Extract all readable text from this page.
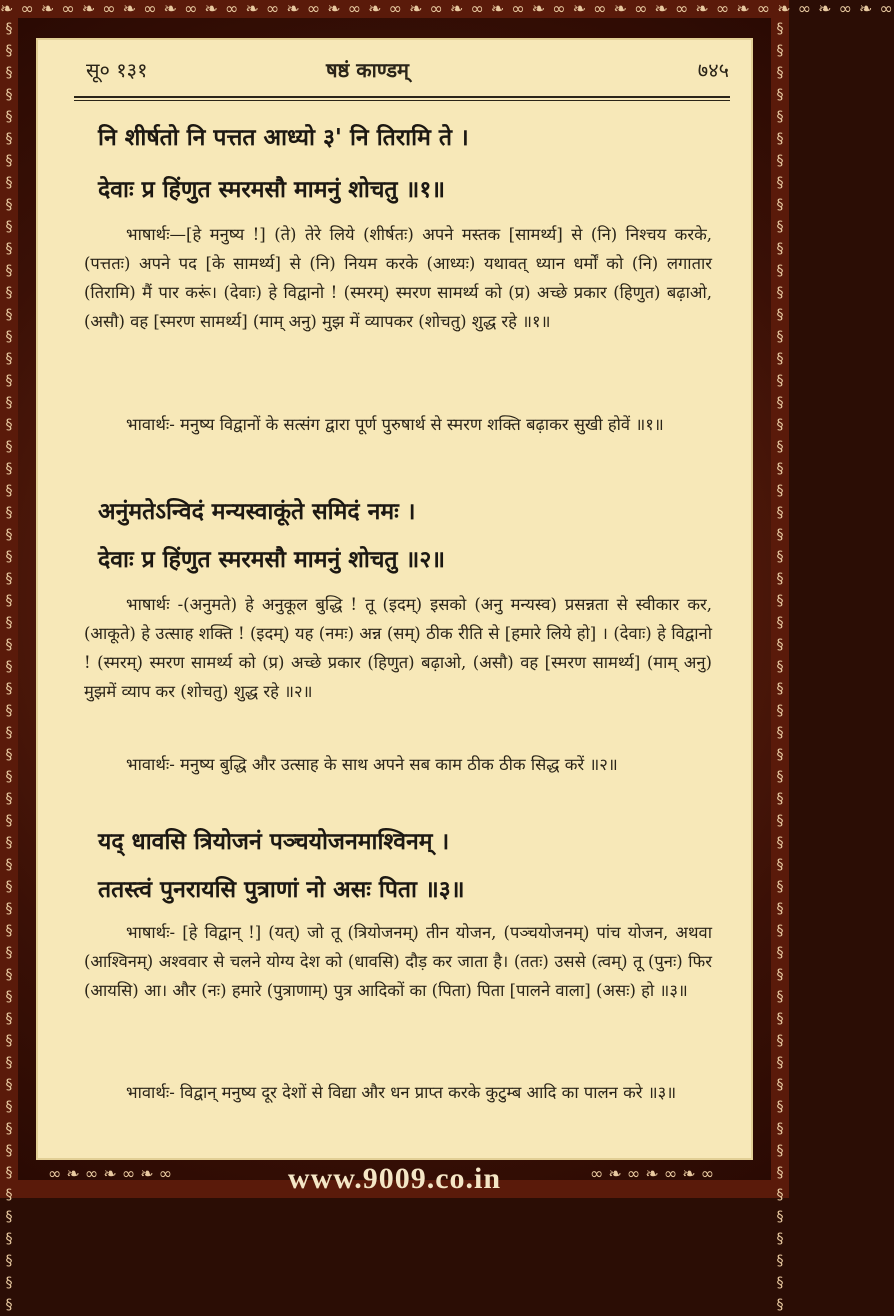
❧ ∞ ❧ ∞ ❧ ∞ ❧ ∞ ❧ ∞ ❧ ∞ ❧ ∞ ❧ ∞ ❧ ∞ ❧ ∞ ❧ ∞ ❧ ∞ ❧ ∞ ❧ ∞ ❧ ∞ ❧ ∞ ❧ ∞ ❧ ∞ ❧ ∞ ❧ ∞ ❧ ∞ ❧ ∞
§ § § § § § § § § § § § § § § § § § § § § § § § § § § § § § § § § § § § § § § § § § § § § § § § § § § § § § § § § § §
§ § § § § § § § § § § § § § § § § § § § § § § § § § § § § § § § § § § § § § § § § § § § § § § § § § § § § § § § § § §
सू० १३१	षष्ठं काण्डम्	७४५
नि शीर्षतो नि पत्तत आध्यो ३' नि तिरामि ते ।
देवाः प्र हिंणुत स्मरमसौ मामनुं शोचतु ॥१॥
भाषार्थः—[हे मनुष्य !] (ते) तेरे लिये (शीर्षतः) अपने मस्तक [सामर्थ्य] से (नि) निश्चय करके, (पत्ततः) अपने पद [के सामर्थ्य] से (नि) नियम करके (आध्यः) यथावत् ध्यान धर्मों को (नि) लगातार (तिरामि) मैं पार करूं। (देवाः) हे विद्वानो ! (स्मरम्) स्मरण सामर्थ्य को (प्र) अच्छे प्रकार (हिणुत) बढ़ाओ, (असौ) वह [स्मरण सामर्थ्य] (माम् अनु) मुझ में व्यापकर (शोचतु) शुद्ध रहे ॥१॥
भावार्थः- मनुष्य विद्वानों के सत्संग द्वारा पूर्ण पुरुषार्थ से स्मरण शक्ति बढ़ाकर सुखी होवें ॥१॥
अनुंमतेऽन्विदं मन्यस्वाकूंते समिदं नमः ।
देवाः प्र हिंणुत स्मरमसौ मामनुं शोचतु ॥२॥
भाषार्थः -(अनुमते) हे अनुकूल बुद्धि ! तू (इदम्) इसको (अनु मन्यस्व) प्रसन्नता से स्वीकार कर, (आकूते) हे उत्साह शक्ति ! (इदम्) यह (नमः) अन्न (सम्) ठीक रीति से [हमारे लिये हो] । (देवाः) हे विद्वानो ! (स्मरम्) स्मरण सामर्थ्य को (प्र) अच्छे प्रकार (हिणुत) बढ़ाओ, (असौ) वह [स्मरण सामर्थ्य] (माम् अनु) मुझमें व्याप कर (शोचतु) शुद्ध रहे ॥२॥
भावार्थः- मनुष्य बुद्धि और उत्साह के साथ अपने सब काम ठीक ठीक सिद्ध करें ॥२॥
यद् धावसि त्रियोजनं पञ्चयोजनमाश्विनम् ।
ततस्त्वं पुनरायसि पुत्राणां नो असः पिता ॥३॥
भाषार्थः- [हे विद्वान् !] (यत्) जो तू (त्रियोजनम्) तीन योजन, (पञ्चयोजनम्) पांच योजन, अथवा (आश्विनम्) अश्ववार से चलने योग्य देश को (धावसि) दौड़ कर जाता है। (ततः) उससे (त्वम्) तू (पुनः) फिर (आयसि) आ। और (नः) हमारे (पुत्राणाम्) पुत्र आदिकों का (पिता) पिता [पालने वाला] (असः) हो ॥३॥
भावार्थः- विद्वान् मनुष्य दूर देशों से विद्या और धन प्राप्त करके कुटुम्ब आदि का पालन करे ॥३॥
∞ ❧ ∞ ❧ ∞ ❧ ∞	www.9009.co.in	∞ ❧ ∞ ❧ ∞ ❧ ∞
